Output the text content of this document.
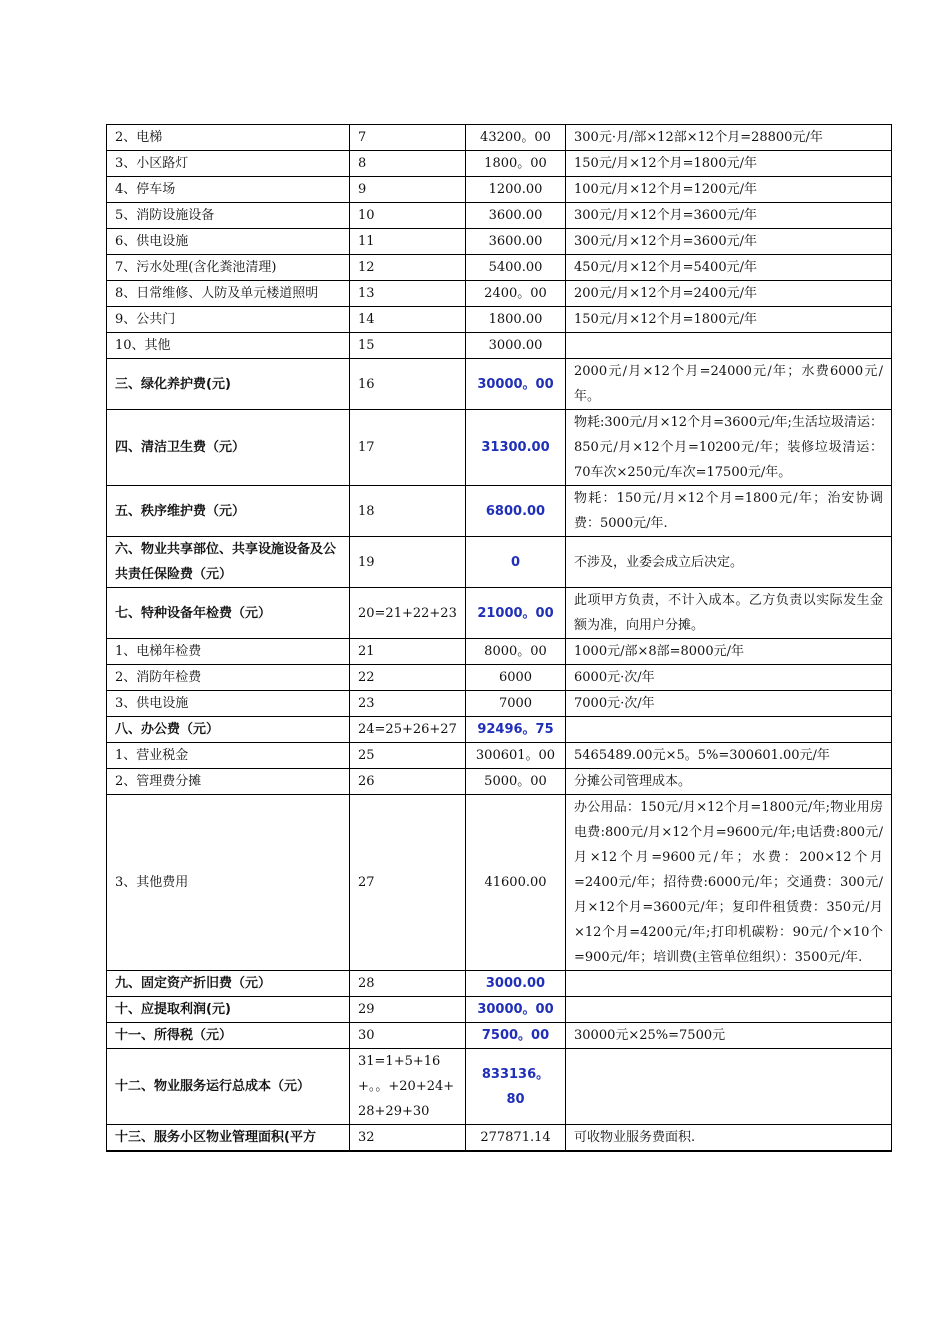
2、电梯	7	43200。00	300元·月/部×12部×12个月=28800元/年
3、小区路灯	8	1800。00	150元/月×12个月=1800元/年
4、停车场	9	1200.00	100元/月×12个月=1200元/年
5、消防设施设备	10	3600.00	300元/月×12个月=3600元/年
6、供电设施	11	3600.00	300元/月×12个月=3600元/年
7、污水处理(含化粪池清理)	12	5400.00	450元/月×12个月=5400元/年
8、日常维修、人防及单元楼道照明	13	2400。00	200元/月×12个月=2400元/年
9、公共门	14	1800.00	150元/月×12个月=1800元/年
10、其他	15	3000.00	
三、绿化养护费(元)	16	30000。00	2000元/月×12个月=24000元/年；水费6000元/年。
四、清洁卫生费（元）	17	31300.00	物耗:300元/月×12个月=3600元/年;生活垃圾清运：850元/月×12个月=10200元/年；装修垃圾清运：70车次×250元/车次=17500元/年。
五、秩序维护费（元）	18	6800.00	物耗：150元/月×12个月=1800元/年；治安协调费：5000元/年.
六、物业共享部位、共享设施设备及公共责任保险费（元）	19	0	不涉及，业委会成立后决定。
七、特种设备年检费（元）	20=21+22+23	21000。00	此项甲方负责，不计入成本。乙方负责以实际发生金额为准，向用户分摊。
1、电梯年检费	21	8000。00	1000元/部×8部=8000元/年
2、消防年检费	22	6000	6000元·次/年
3、供电设施	23	7000	7000元·次/年
八、办公费（元）	24=25+26+27	92496。75	
1、营业税金	25	300601。00	5465489.00元×5。5%=300601.00元/年
2、管理费分摊	26	5000。00	分摊公司管理成本。
3、其他费用	27	41600.00	办公用品：150元/月×12个月=1800元/年;物业用房电费:800元/月×12个月=9600元/年;电话费:800元/月×12个月=9600元/年；水费：200×12个月=2400元/年；招待费:6000元/年；交通费：300元/月×12个月=3600元/年；复印件租赁费：350元/月×12个月=4200元/年;打印机碳粉：90元/个×10个=900元/年；培训费(主管单位组织）：3500元/年.
九、固定资产折旧费（元）	28	3000.00	
十、应提取利润(元)	29	30000。00	
十一、所得税（元）	30	7500。00	30000元×25%=7500元
十二、物业服务运行总成本（元）	31=1+5+16+。。+20+24+28+29+30	833136。80	
十三、服务小区物业管理面积(平方	32	277871.14	可收物业服务费面积.
